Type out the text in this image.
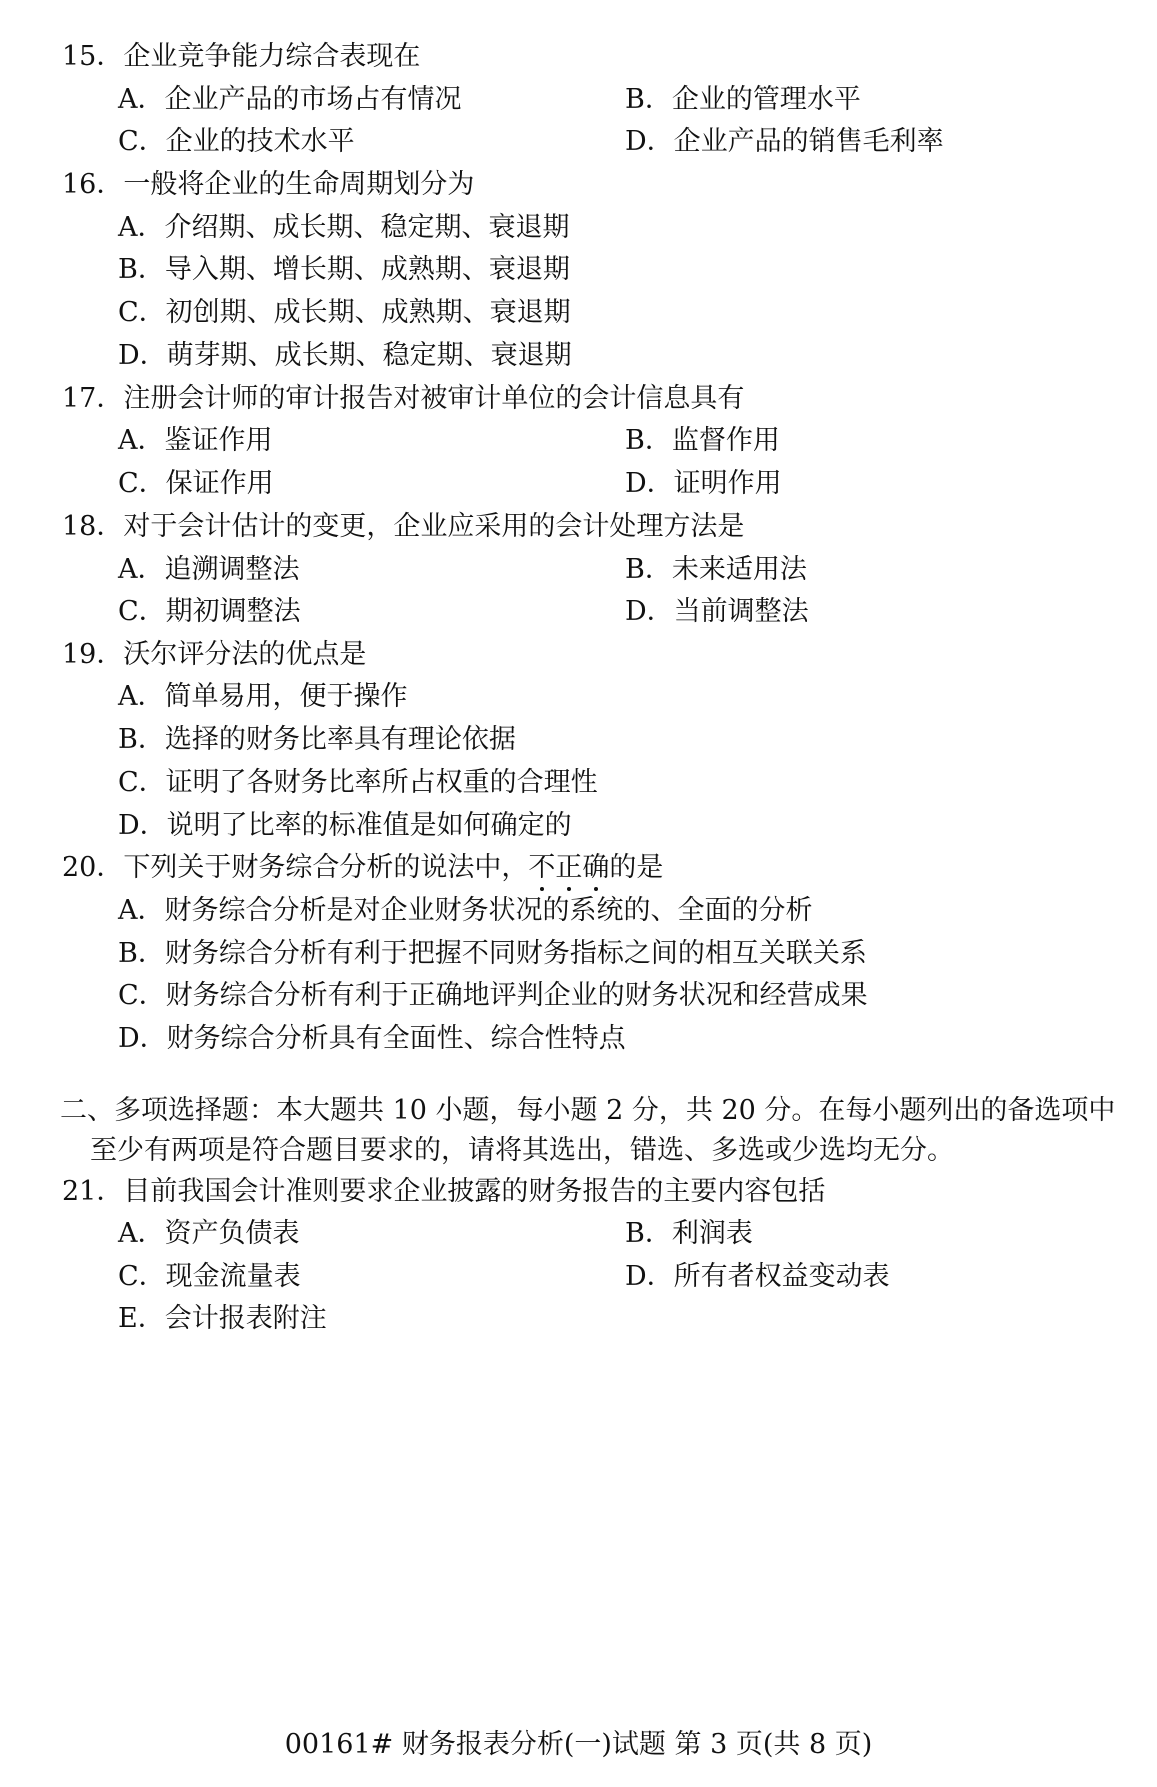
15．企业竞争能力综合表现在
A．企业产品的市场占有情况	B．企业的管理水平
C．企业的技术水平	D．企业产品的销售毛利率
16．一般将企业的生命周期划分为
A．介绍期、成长期、稳定期、衰退期
B．导入期、增长期、成熟期、衰退期
C．初创期、成长期、成熟期、衰退期
D．萌芽期、成长期、稳定期、衰退期
17．注册会计师的审计报告对被审计单位的会计信息具有
A．鉴证作用	B．监督作用
C．保证作用	D．证明作用
18．对于会计估计的变更，企业应采用的会计处理方法是
A．追溯调整法	B．未来适用法
C．期初调整法	D．当前调整法
19．沃尔评分法的优点是
A．简单易用，便于操作
B．选择的财务比率具有理论依据
C．证明了各财务比率所占权重的合理性
D．说明了比率的标准值是如何确定的
20．下列关于财务综合分析的说法中，不正确的是
A．财务综合分析是对企业财务状况的系统的、全面的分析
B．财务综合分析有利于把握不同财务指标之间的相互关联关系
C．财务综合分析有利于正确地评判企业的财务状况和经营成果
D．财务综合分析具有全面性、综合性特点
二、多项选择题：本大题共 10 小题，每小题 2 分，共 20 分。在每小题列出的备选项中
至少有两项是符合题目要求的，请将其选出，错选、多选或少选均无分。
21．目前我国会计准则要求企业披露的财务报告的主要内容包括
A．资产负债表	B．利润表
C．现金流量表	D．所有者权益变动表
E．会计报表附注
00161# 财务报表分析(一)试题 第 3 页(共 8 页)
